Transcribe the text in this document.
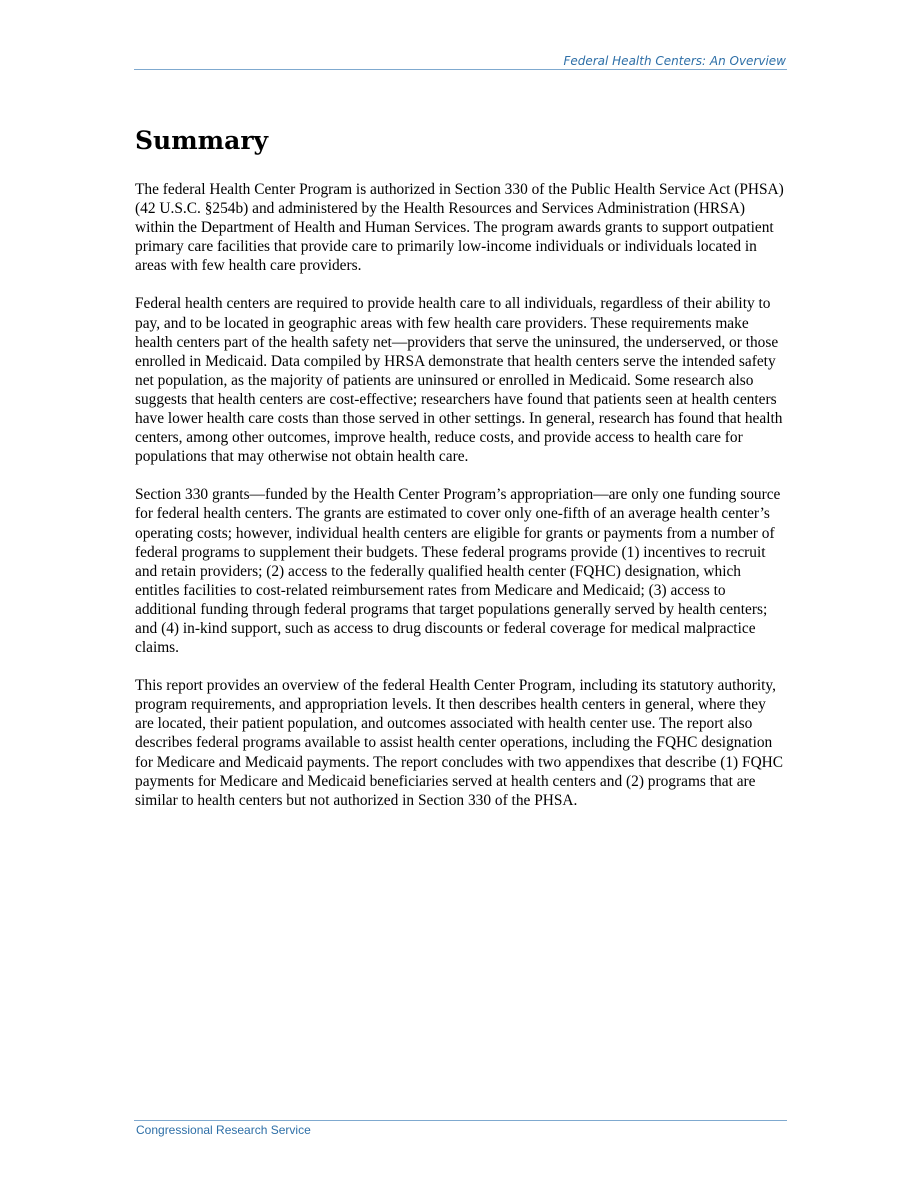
Federal Health Centers: An Overview
Summary

The federal Health Center Program is authorized in Section 330 of the Public Health Service Act (PHSA) (42 U.S.C. §254b) and administered by the Health Resources and Services Administration (HRSA) within the Department of Health and Human Services. The program awards grants to support outpatient primary care facilities that provide care to primarily low-income individuals or individuals located in areas with few health care providers.

Federal health centers are required to provide health care to all individuals, regardless of their ability to pay, and to be located in geographic areas with few health care providers. These requirements make health centers part of the health safety net—providers that serve the uninsured, the underserved, or those enrolled in Medicaid. Data compiled by HRSA demonstrate that health centers serve the intended safety net population, as the majority of patients are uninsured or enrolled in Medicaid. Some research also suggests that health centers are cost-effective; researchers have found that patients seen at health centers have lower health care costs than those served in other settings. In general, research has found that health centers, among other outcomes, improve health, reduce costs, and provide access to health care for populations that may otherwise not obtain health care.

Section 330 grants—funded by the Health Center Program’s appropriation—are only one funding source for federal health centers. The grants are estimated to cover only one-fifth of an average health center’s operating costs; however, individual health centers are eligible for grants or payments from a number of federal programs to supplement their budgets. These federal programs provide (1) incentives to recruit and retain providers; (2) access to the federally qualified health center (FQHC) designation, which entitles facilities to cost-related reimbursement rates from Medicare and Medicaid; (3) access to additional funding through federal programs that target populations generally served by health centers; and (4) in-kind support, such as access to drug discounts or federal coverage for medical malpractice claims.

This report provides an overview of the federal Health Center Program, including its statutory authority, program requirements, and appropriation levels. It then describes health centers in general, where they are located, their patient population, and outcomes associated with health center use. The report also describes federal programs available to assist health center operations, including the FQHC designation for Medicare and Medicaid payments. The report concludes with two appendixes that describe (1) FQHC payments for Medicare and Medicaid beneficiaries served at health centers and (2) programs that are similar to health centers but not authorized in Section 330 of the PHSA.

Congressional Research Service
